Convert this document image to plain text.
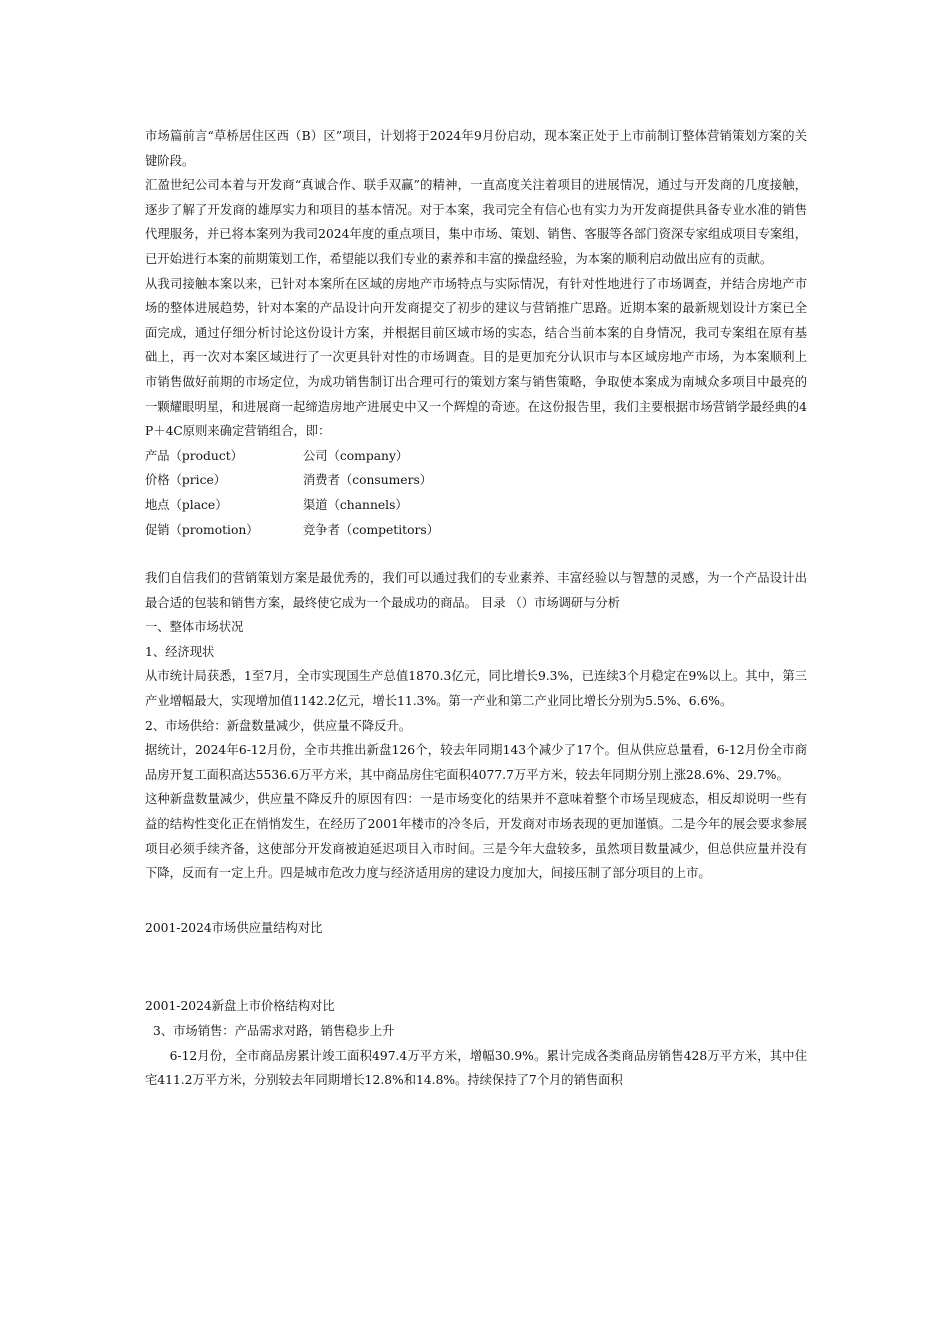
市场篇前言“草桥居住区西（B）区”项目，计划将于2024年9月份启动，现本案正处于上市前制订整体营销策划方案的关键阶段。

汇盈世纪公司本着与开发商“真诚合作、联手双赢”的精神，一直高度关注着项目的进展情况，通过与开发商的几度接触，逐步了解了开发商的雄厚实力和项目的基本情况。对于本案，我司完全有信心也有实力为开发商提供具备专业水准的销售代理服务，并已将本案列为我司2024年度的重点项目，集中市场、策划、销售、客服等各部门资深专家组成项目专案组，已开始进行本案的前期策划工作，希望能以我们专业的素养和丰富的操盘经验，为本案的顺利启动做出应有的贡献。

从我司接触本案以来，已针对本案所在区域的房地产市场特点与实际情况，有针对性地进行了市场调查，并结合房地产市场的整体进展趋势，针对本案的产品设计向开发商提交了初步的建议与营销推广思路。近期本案的最新规划设计方案已全面完成，通过仔细分析讨论这份设计方案，并根据目前区域市场的实态，结合当前本案的自身情况，我司专案组在原有基础上，再一次对本案区域进行了一次更具针对性的市场调查。目的是更加充分认识市与本区域房地产市场，为本案顺利上市销售做好前期的市场定位，为成功销售制订出合理可行的策划方案与销售策略，争取使本案成为南城众多项目中最亮的一颗耀眼明星，和进展商一起缔造房地产进展史中又一个辉煌的奇迹。在这份报告里，我们主要根据市场营销学最经典的4P＋4C原则来确定营销组合，即：

产品（product）	公司（company）
价格（price）	消费者（consumers）
地点（place）	渠道（channels）
促销（promotion）	竞争者（competitors）

我们自信我们的营销策划方案是最优秀的，我们可以通过我们的专业素养、丰富经验以与智慧的灵感，为一个产品设计出最合适的包装和销售方案，最终使它成为一个最成功的商品。 目录 （）市场调研与分析

一、整体市场状况

1、经济现状

从市统计局获悉，1至7月，全市实现国生产总值1870.3亿元，同比增长9.3%，已连续3个月稳定在9%以上。其中，第三产业增幅最大，实现增加值1142.2亿元，增长11.3%。第一产业和第二产业同比增长分别为5.5%、6.6%。

2、市场供给：新盘数量减少，供应量不降反升。

据统计，2024年6-12月份，全市共推出新盘126个，较去年同期143个减少了17个。但从供应总量看，6-12月份全市商品房开复工面积高达5536.6万平方米，其中商品房住宅面积4077.7万平方米，较去年同期分别上涨28.6%、29.7%。

这种新盘数量减少，供应量不降反升的原因有四：一是市场变化的结果并不意味着整个市场呈现疲态，相反却说明一些有益的结构性变化正在悄悄发生，在经历了2001年楼市的冷冬后，开发商对市场表现的更加谨慎。二是今年的展会要求参展项目必须手续齐备，这使部分开发商被迫延迟项目入市时间。三是今年大盘较多，虽然项目数量减少，但总供应量并没有下降，反而有一定上升。四是城市危改力度与经济适用房的建设力度加大，间接压制了部分项目的上市。

2001-2024市场供应量结构对比

2001-2024新盘上市价格结构对比

3、市场销售：产品需求对路，销售稳步上升

6-12月份，全市商品房累计竣工面积497.4万平方米，增幅30.9%。累计完成各类商品房销售428万平方米，其中住宅411.2万平方米，分别较去年同期增长12.8%和14.8%。持续保持了7个月的销售面积
